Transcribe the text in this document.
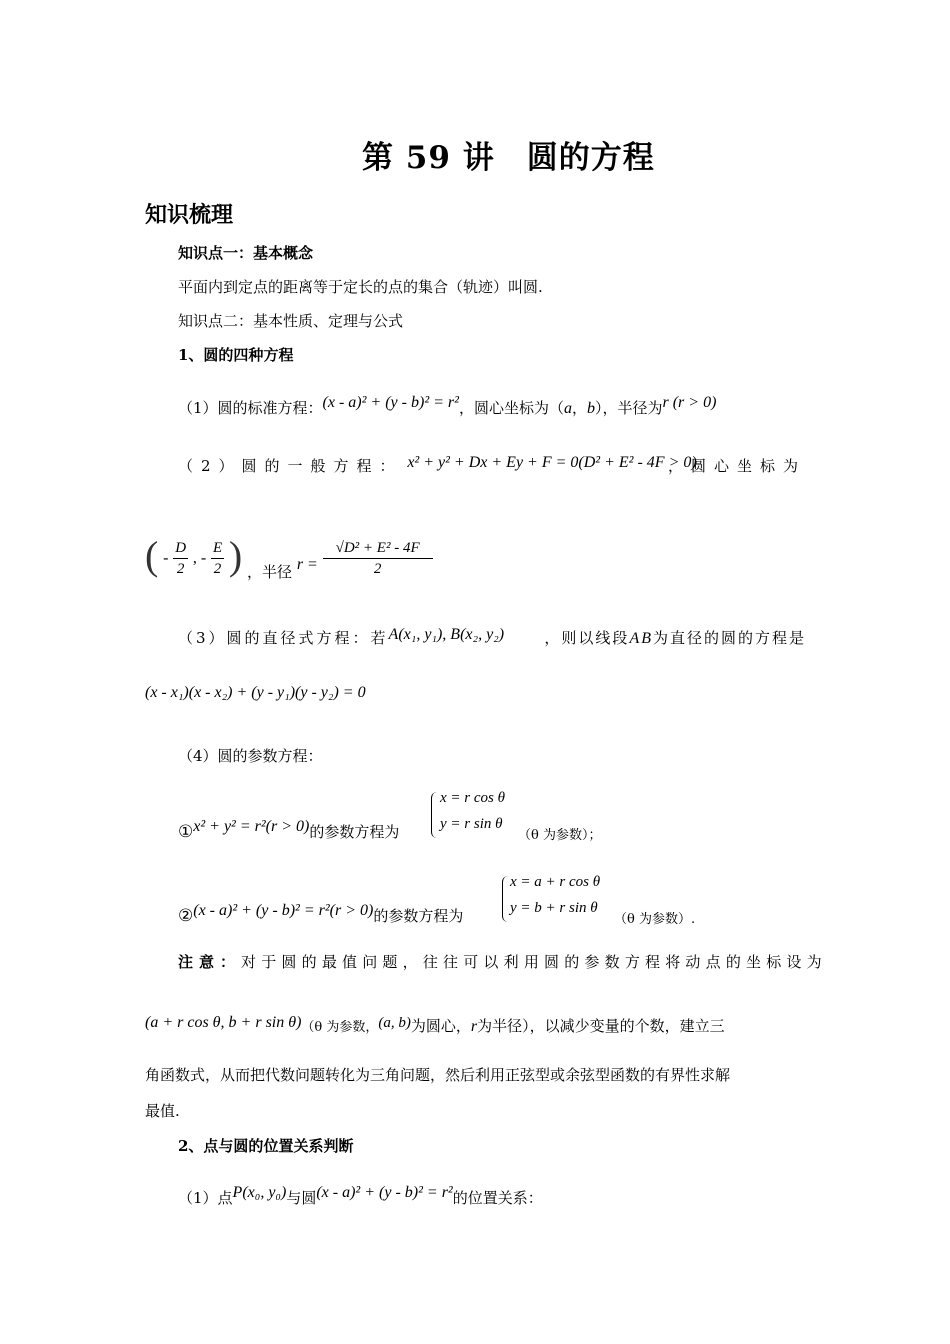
第 59 讲　圆的方程
知识梳理
知识点一：基本概念
平面内到定点的距离等于定长的点的集合（轨迹）叫圆.
知识点二：基本性质、定理与公式
1、圆的四种方程
（1）圆的标准方程：(x - a)² + (y - b)² = r²，圆心坐标为（a，b），半径为r (r > 0)
（2）圆的一般方程： x² + y² + Dx + Ey + F = 0(D² + E² - 4F > 0)
，圆心坐标为
( - $\frac{D}{2}$ , - $\frac{E}{2}$ ) ，半径 $r = \frac{\text{√D² + E² - 4F}}{2}$
（3）圆的直径式方程：若A(x₁, y₁), B(x₂, y₂)	，则以线段AB为直径的圆的方程是
(x - x₁)(x - x₂) + (y - y₁)(y - y₂) = 0
（4）圆的参数方程：
①x² + y² = r²(r > 0)的参数方程为
x = r cos θ
y = r sin θ
（θ 为参数）；
②(x - a)² + (y - b)² = r²(r > 0)的参数方程为
x = a + r cos θ
y = b + r sin θ
（θ 为参数）.
注意：对于圆的最值问题，往往可以利用圆的参数方程将动点的坐标设为
(a + r cos θ, b + r sin θ)（θ 为参数，(a, b)为圆心，r为半径），以减少变量的个数，建立三
角函数式，从而把代数问题转化为三角问题，然后利用正弦型或余弦型函数的有界性求解
最值.
2、点与圆的位置关系判断
（1）点P(x₀, y₀)与圆(x - a)² + (y - b)² = r²的位置关系：
